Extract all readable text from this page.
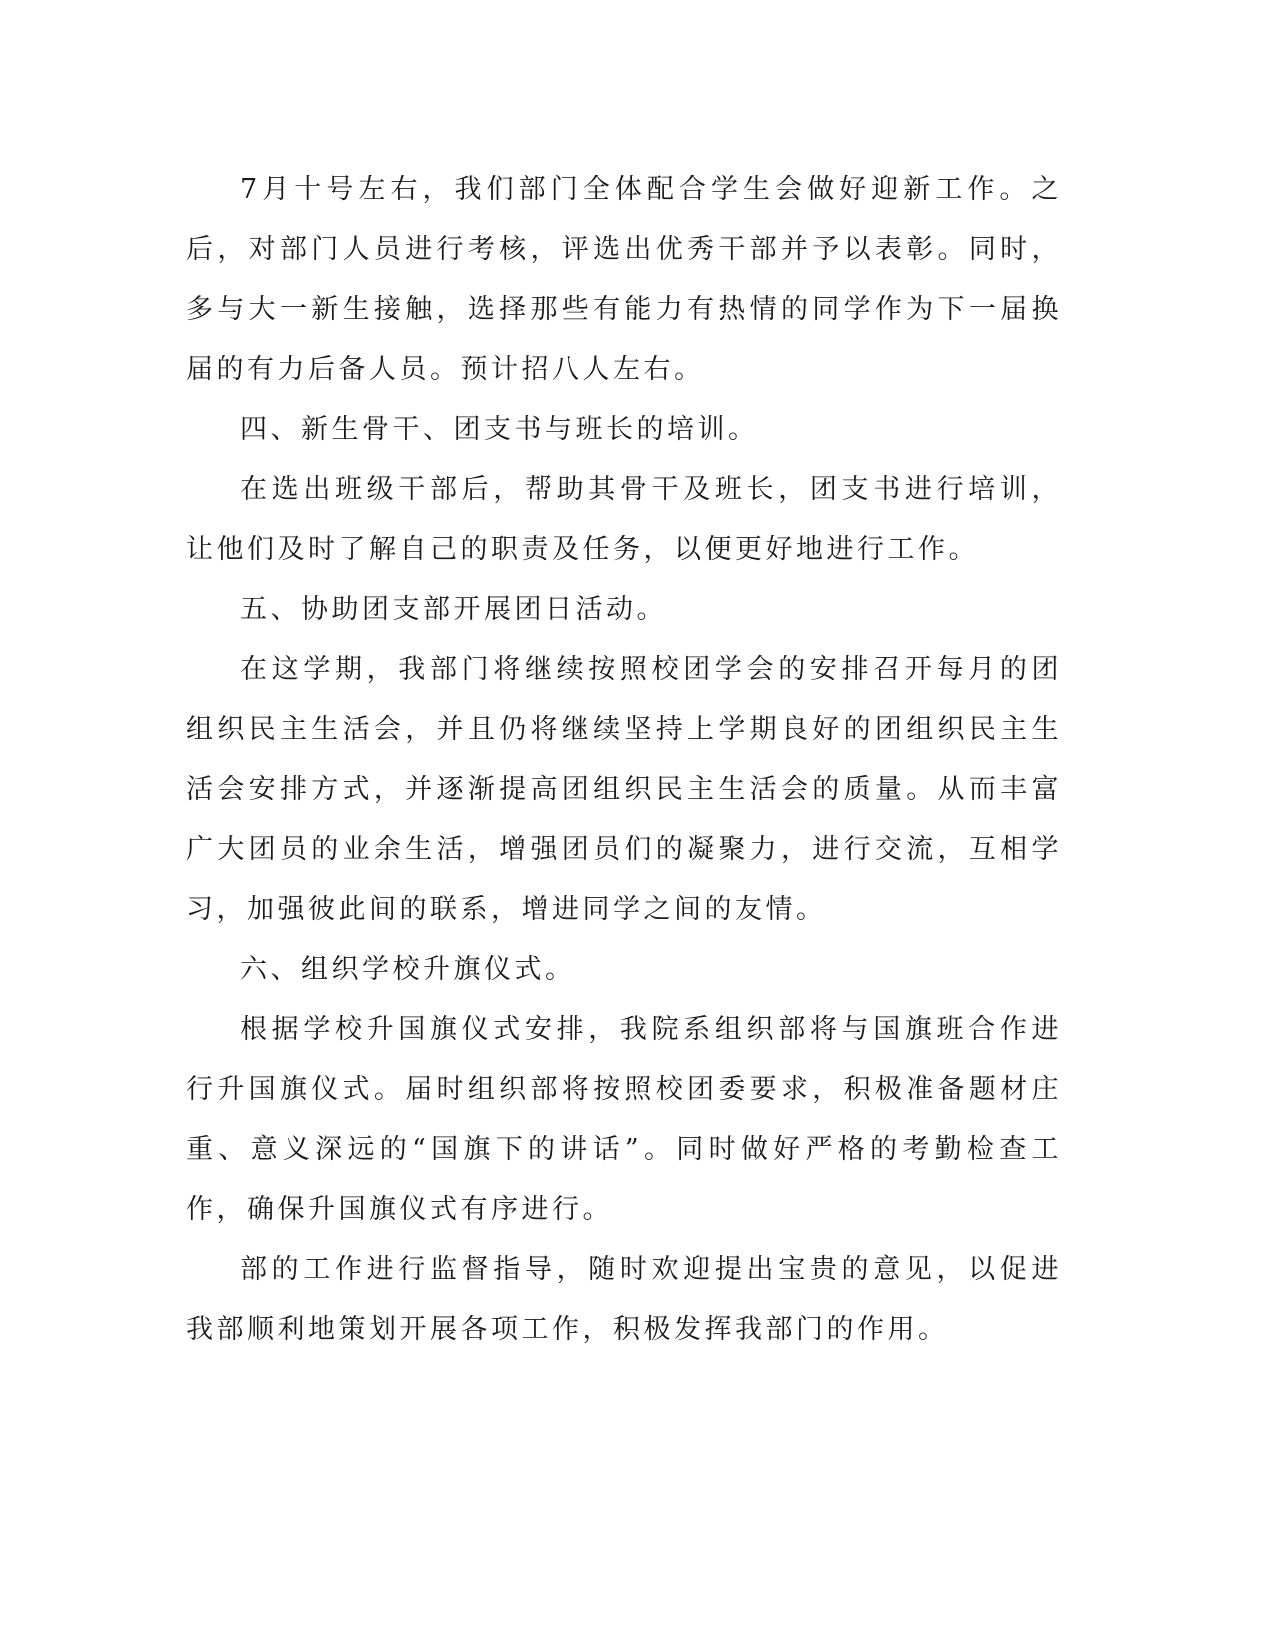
7月十号左右，我们部门全体配合学生会做好迎新工作。之后，对部门人员进行考核，评选出优秀干部并予以表彰。同时，多与大一新生接触，选择那些有能力有热情的同学作为下一届换届的有力后备人员。预计招八人左右。

四、新生骨干、团支书与班长的培训。

在选出班级干部后，帮助其骨干及班长，团支书进行培训，让他们及时了解自己的职责及任务，以便更好地进行工作。

五、协助团支部开展团日活动。

在这学期，我部门将继续按照校团学会的安排召开每月的团组织民主生活会，并且仍将继续坚持上学期良好的团组织民主生活会安排方式，并逐渐提高团组织民主生活会的质量。从而丰富广大团员的业余生活，增强团员们的凝聚力，进行交流，互相学习，加强彼此间的联系，增进同学之间的友情。

六、组织学校升旗仪式。

根据学校升国旗仪式安排，我院系组织部将与国旗班合作进行升国旗仪式。届时组织部将按照校团委要求，积极准备题材庄重、意义深远的“国旗下的讲话”。同时做好严格的考勤检查工作，确保升国旗仪式有序进行。

部的工作进行监督指导，随时欢迎提出宝贵的意见，以促进我部顺利地策划开展各项工作，积极发挥我部门的作用。
